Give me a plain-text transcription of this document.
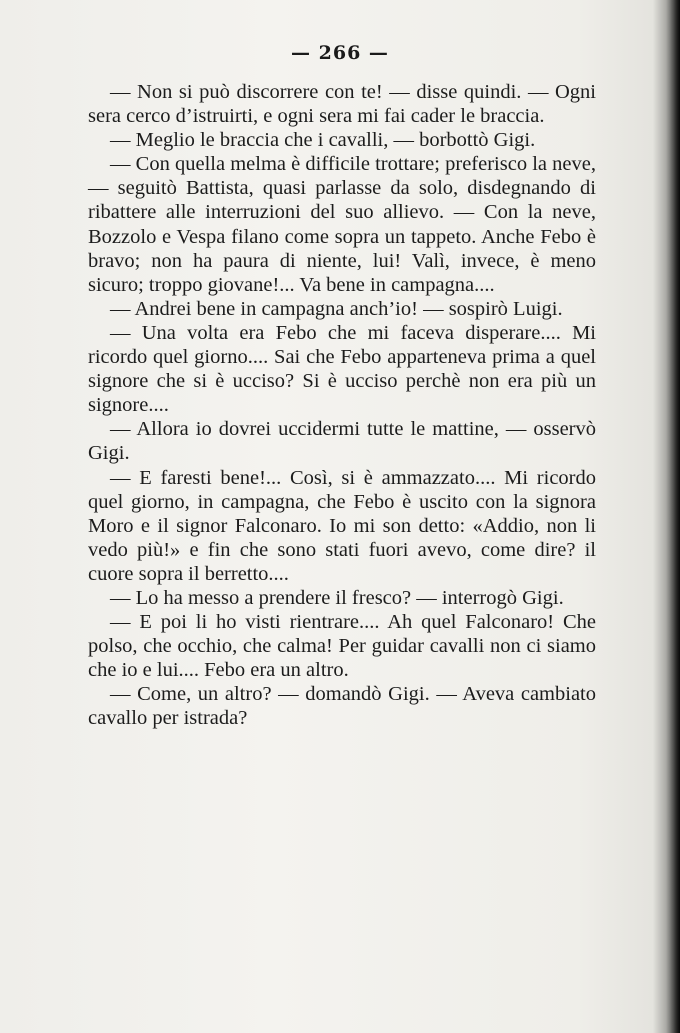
— 266 —

— Non si può discorrere con te! — disse quindi. — Ogni sera cerco d’istruirti, e ogni sera mi fai cader le braccia.

— Meglio le braccia che i cavalli, — borbottò Gigi.

— Con quella melma è difficile trottare; preferisco la neve, — seguitò Battista, quasi parlasse da solo, disdegnando di ribattere alle interruzioni del suo allievo. — Con la neve, Bozzolo e Vespa filano come sopra un tappeto. Anche Febo è bravo; non ha paura di niente, lui! Valì, invece, è meno sicuro; troppo giovane!... Va bene in campagna....

— Andrei bene in campagna anch’io! — sospirò Luigi.

— Una volta era Febo che mi faceva disperare.... Mi ricordo quel giorno.... Sai che Febo apparteneva prima a quel signore che si è ucciso? Si è ucciso perchè non era più un signore....

— Allora io dovrei uccidermi tutte le mattine, — osservò Gigi.

— E faresti bene!... Così, si è ammazzato.... Mi ricordo quel giorno, in campagna, che Febo è uscito con la signora Moro e il signor Falconaro. Io mi son detto: «Addio, non li vedo più!» e fin che sono stati fuori avevo, come dire? il cuore sopra il berretto....

— Lo ha messo a prendere il fresco? — interrogò Gigi.

— E poi li ho visti rientrare.... Ah quel Falconaro! Che polso, che occhio, che calma! Per guidar cavalli non ci siamo che io e lui.... Febo era un altro.

— Come, un altro? — domandò Gigi. — Aveva cambiato cavallo per istrada?
